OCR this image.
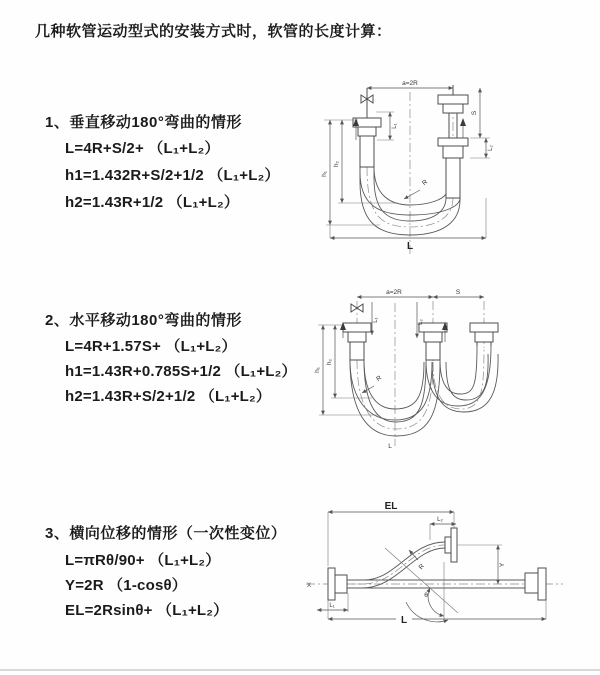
几种软管运动型式的安装方式时，软管的长度计算：
1、垂直移动180°弯曲的情形
L=4R+S/2+ （L₁+L₂）
h1=1.432R+S/2+1/2 （L₁+L₂）
h2=1.43R+1/2 （L₁+L₂）
2、水平移动180°弯曲的情形
L=4R+1.57S+ （L₁+L₂）
h1=1.43R+0.785S+1/2 （L₁+L₂）
h2=1.43R+S/2+1/2 （L₁+L₂）
3、横向位移的情形（一次性变位）
L=πRθ/90+ （L₁+L₂）
Y=2R （1-cosθ）
EL=2Rsinθ+ （L₁+L₂）
a=2R
h₁
h₂
L₁
S
L₂
R
L
a=2R	S
h₁
h₂
L₁	L₂
R
L
X
θ
EL
L₂
Y
L₁
L
R
